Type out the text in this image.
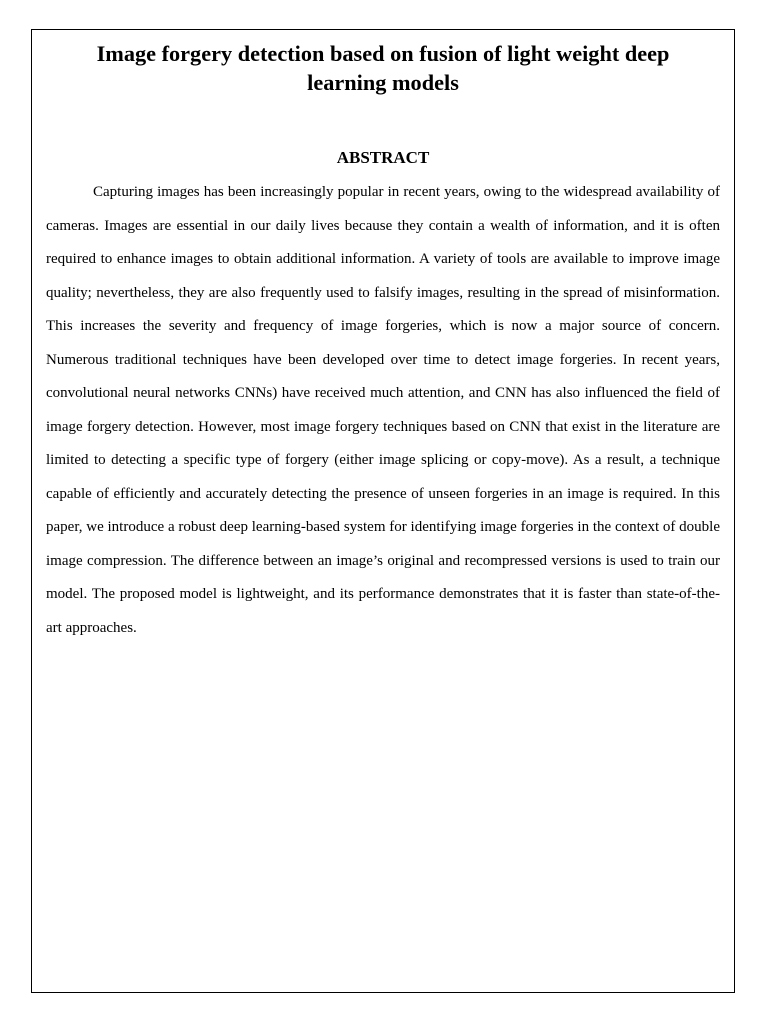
Image forgery detection based on fusion of light weight deep learning models
ABSTRACT

Capturing images has been increasingly popular in recent years, owing to the widespread availability of cameras. Images are essential in our daily lives because they contain a wealth of information, and it is often required to enhance images to obtain additional information. A variety of tools are available to improve image quality; nevertheless, they are also frequently used to falsify images, resulting in the spread of misinformation. This increases the severity and frequency of image forgeries, which is now a major source of concern. Numerous traditional techniques have been developed over time to detect image forgeries. In recent years, convolutional neural networks CNNs) have received much attention, and CNN has also influenced the field of image forgery detection. However, most image forgery techniques based on CNN that exist in the literature are limited to detecting a specific type of forgery (either image splicing or copy-move). As a result, a technique capable of efficiently and accurately detecting the presence of unseen forgeries in an image is required. In this paper, we introduce a robust deep learning-based system for identifying image forgeries in the context of double image compression. The difference between an image’s original and recompressed versions is used to train our model. The proposed model is lightweight, and its performance demonstrates that it is faster than state-of-the-art approaches.
